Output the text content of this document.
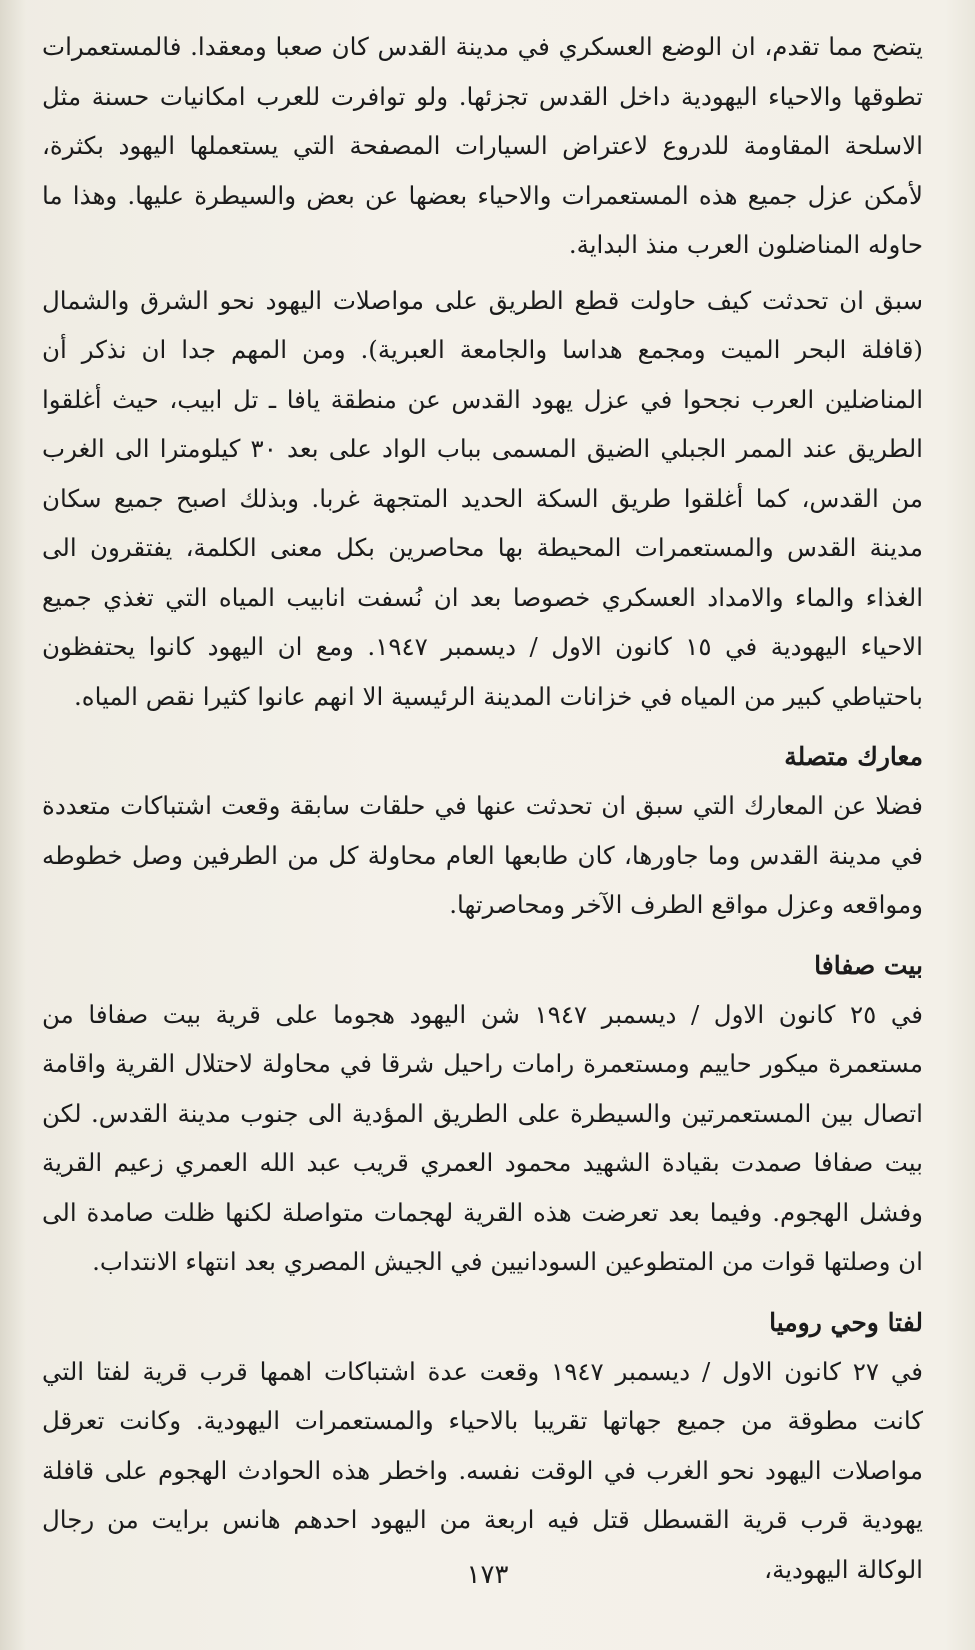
يتضح مما تقدم، ان الوضع العسكري في مدينة القدس كان صعبا ومعقدا. فالمستعمرات تطوقها والاحياء اليهودية داخل القدس تجزئها. ولو توافرت للعرب امكانيات حسنة مثل الاسلحة المقاومة للدروع لاعتراض السيارات المصفحة التي يستعملها اليهود بكثرة، لأمكن عزل جميع هذه المستعمرات والاحياء بعضها عن بعض والسيطرة عليها. وهذا ما حاوله المناضلون العرب منذ البداية.

سبق ان تحدثت كيف حاولت قطع الطريق على مواصلات اليهود نحو الشرق والشمال (قافلة البحر الميت ومجمع هداسا والجامعة العبرية). ومن المهم جدا ان نذكر أن المناضلين العرب نجحوا في عزل يهود القدس عن منطقة يافا ـ تل ابيب، حيث أغلقوا الطريق عند الممر الجبلي الضيق المسمى بباب الواد على بعد ٣٠ كيلومترا الى الغرب من القدس، كما أغلقوا طريق السكة الحديد المتجهة غربا. وبذلك اصبح جميع سكان مدينة القدس والمستعمرات المحيطة بها محاصرين بكل معنى الكلمة، يفتقرون الى الغذاء والماء والامداد العسكري خصوصا بعد ان نُسفت انابيب المياه التي تغذي جميع الاحياء اليهودية في ١٥ كانون الاول / ديسمبر ١٩٤٧. ومع ان اليهود كانوا يحتفظون باحتياطي كبير من المياه في خزانات المدينة الرئيسية الا انهم عانوا كثيرا نقص المياه.

معارك متصلة

فضلا عن المعارك التي سبق ان تحدثت عنها في حلقات سابقة وقعت اشتباكات متعددة في مدينة القدس وما جاورها، كان طابعها العام محاولة كل من الطرفين وصل خطوطه ومواقعه وعزل مواقع الطرف الآخر ومحاصرتها.

بيت صفافا

في ٢٥ كانون الاول / ديسمبر ١٩٤٧ شن اليهود هجوما على قرية بيت صفافا من مستعمرة ميكور حاييم ومستعمرة رامات راحيل شرقا في محاولة لاحتلال القرية واقامة اتصال بين المستعمرتين والسيطرة على الطريق المؤدية الى جنوب مدينة القدس. لكن بيت صفافا صمدت بقيادة الشهيد محمود العمري قريب عبد الله العمري زعيم القرية وفشل الهجوم. وفيما بعد تعرضت هذه القرية لهجمات متواصلة لكنها ظلت صامدة الى ان وصلتها قوات من المتطوعين السودانيين في الجيش المصري بعد انتهاء الانتداب.

لفتا وحي روميا

في ٢٧ كانون الاول / ديسمبر ١٩٤٧ وقعت عدة اشتباكات اهمها قرب قرية لفتا التي كانت مطوقة من جميع جهاتها تقريبا بالاحياء والمستعمرات اليهودية. وكانت تعرقل مواصلات اليهود نحو الغرب في الوقت نفسه. واخطر هذه الحوادث الهجوم على قافلة يهودية قرب قرية القسطل قتل فيه اربعة من اليهود احدهم هانس برايت من رجال الوكالة اليهودية،

١٧٣
